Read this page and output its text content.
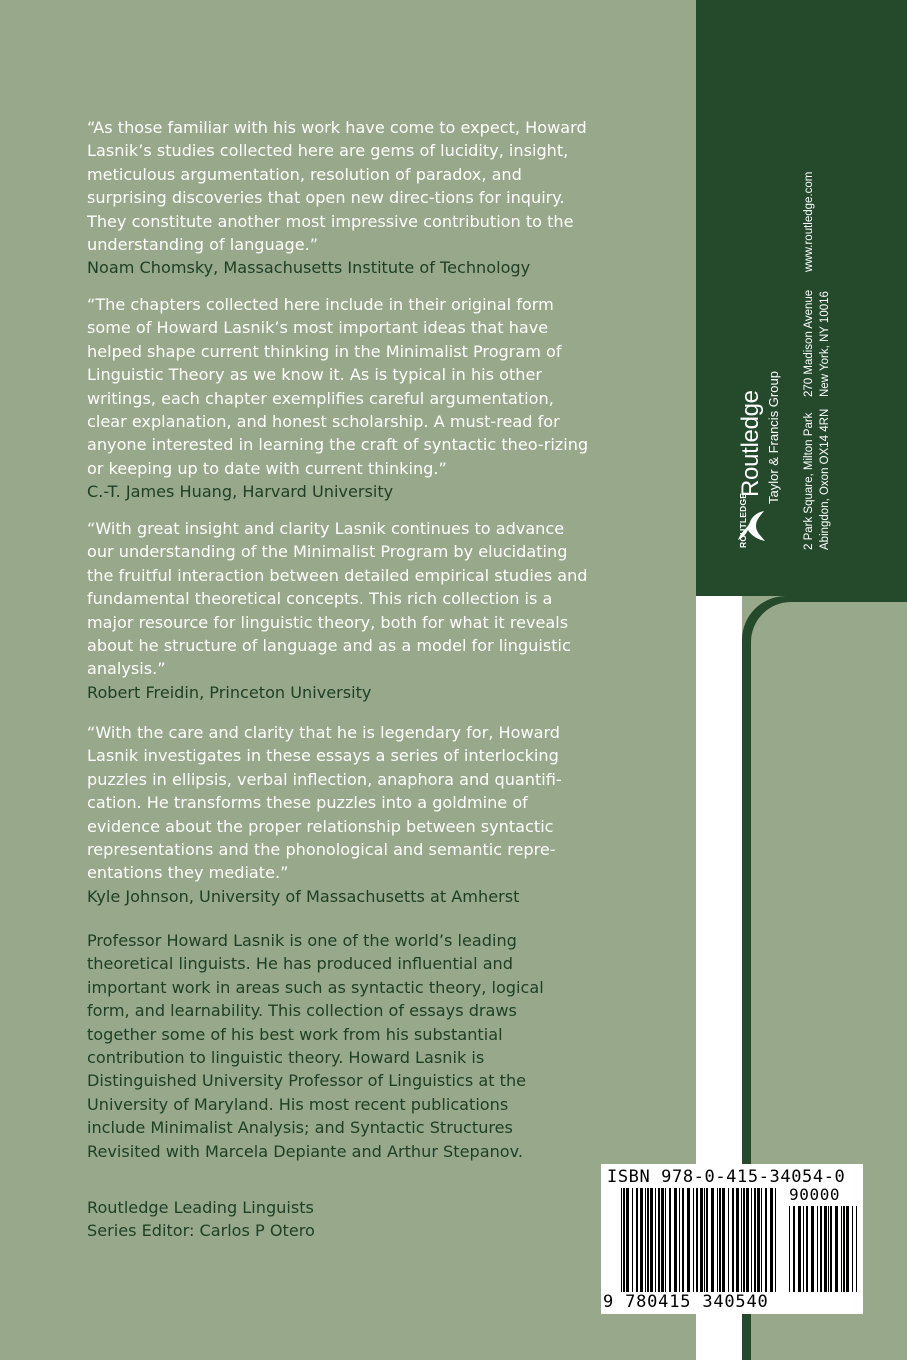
“As those familiar with his work have come to expect, Howard Lasnik’s studies collected here are gems of lucidity, insight, meticulous argumentation, resolution of paradox, and surprising discoveries that open new direc-tions for inquiry. They constitute another most impressive contribution to the understanding of language.”

Noam Chomsky, Massachusetts Institute of Technology

“The chapters collected here include in their original form some of Howard Lasnik’s most important ideas that have helped shape current thinking in the Minimalist Program of Linguistic Theory as we know it. As is typical in his other writings, each chapter exemplifies careful argumentation, clear explanation, and honest scholarship. A must-read for anyone interested in learning the craft of syntactic theo-rizing or keeping up to date with current thinking.”

C.-T. James Huang, Harvard University

“With great insight and clarity Lasnik continues to advance our understanding of the Minimalist Program by elucidating the fruitful interaction between detailed empirical studies and fundamental theoretical concepts. This rich collection is a major resource for linguistic theory, both for what it reveals about he structure of language and as a model for linguistic analysis.”

Robert Freidin, Princeton University

“With the care and clarity that he is legendary for, Howard Lasnik investigates in these essays a series of interlocking puzzles in ellipsis, verbal inflection, anaphora and quantifi-cation. He transforms these puzzles into a goldmine of evidence about the proper relationship between syntactic representations and the phonological and semantic repre-entations they mediate.”

Kyle Johnson, University of Massachusetts at Amherst

Professor Howard Lasnik is one of the world’s leading theoretical linguists. He has produced influential and important work in areas such as syntactic theory, logical form, and learnability. This collection of essays draws together some of his best work from his substantial contribution to linguistic theory. Howard Lasnik is Distinguished University Professor of Linguistics at the University of Maryland. His most recent publications include Minimalist Analysis; and Syntactic Structures Revisited with Marcela Depiante and Arthur Stepanov.

Routledge Leading Linguists

Series Editor: Carlos P Otero

ROUTLEDGE
Routledge Taylor & Francis Group 2 Park Square, Milton Park Abingdon, Oxon OX14 4RN
270 Madison Avenue New York, NY 10016
www.routledge.com
ISBN 978-0-415-34054-0
90000
9 780415 340540
